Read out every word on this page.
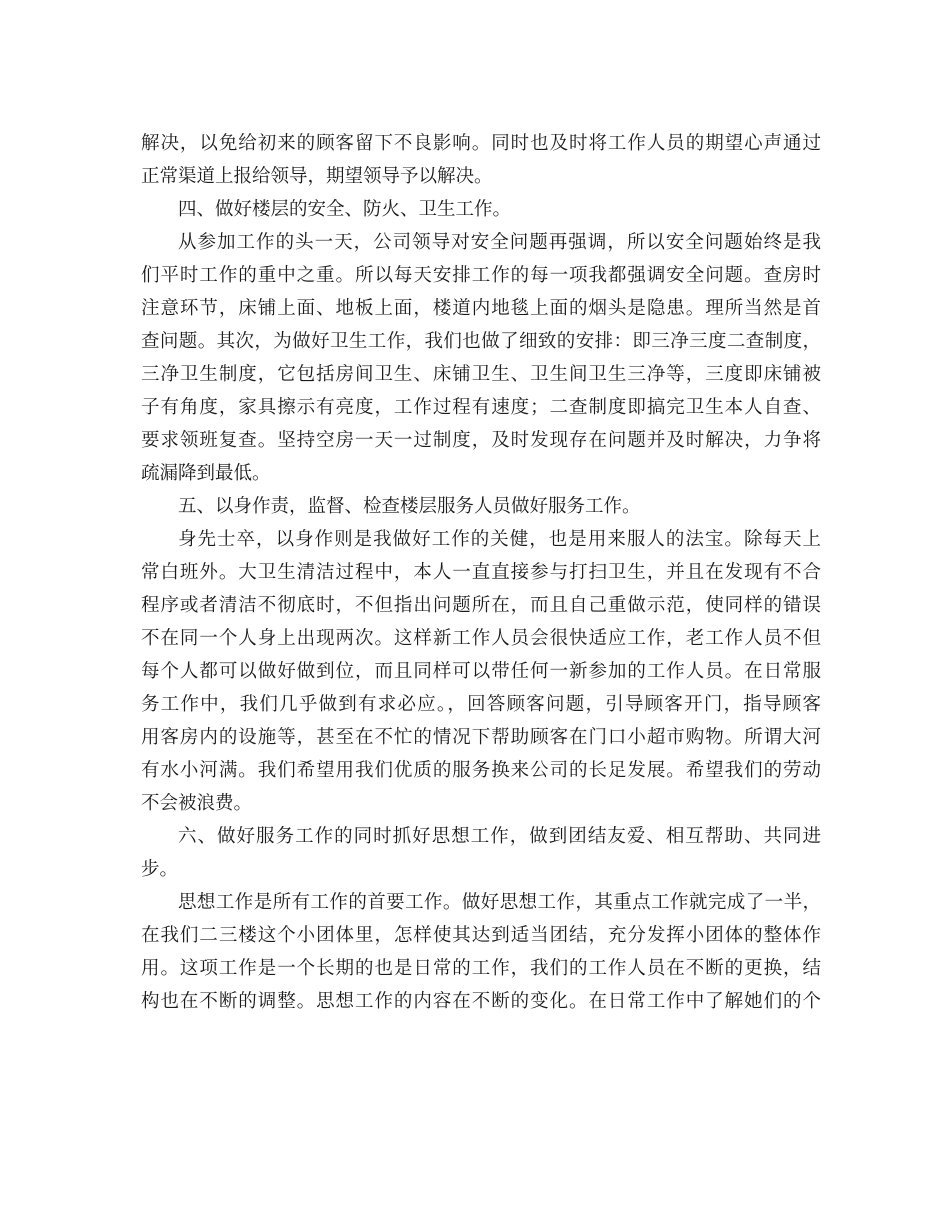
解决，以免给初来的顾客留下不良影响。同时也及时将工作人员的期望心声通过
正常渠道上报给领导，期望领导予以解决。
四、做好楼层的安全、防火、卫生工作。
从参加工作的头一天，公司领导对安全问题再强调，所以安全问题始终是我
们平时工作的重中之重。所以每天安排工作的每一项我都强调安全问题。查房时
注意环节，床铺上面、地板上面，楼道内地毯上面的烟头是隐患。理所当然是首
查问题。其次，为做好卫生工作，我们也做了细致的安排：即三净三度二查制度，
三净卫生制度，它包括房间卫生、床铺卫生、卫生间卫生三净等，三度即床铺被
子有角度，家具擦示有亮度，工作过程有速度；二查制度即搞完卫生本人自查、
要求领班复查。坚持空房一天一过制度，及时发现存在问题并及时解决，力争将
疏漏降到最低。
五、以身作责，监督、检查楼层服务人员做好服务工作。
身先士卒，以身作则是我做好工作的关健，也是用来服人的法宝。除每天上
常白班外。大卫生清洁过程中，本人一直直接参与打扫卫生，并且在发现有不合
程序或者清洁不彻底时，不但指出问题所在，而且自己重做示范，使同样的错误
不在同一个人身上出现两次。这样新工作人员会很快适应工作，老工作人员不但
每个人都可以做好做到位，而且同样可以带任何一新参加的工作人员。在日常服
务工作中，我们几乎做到有求必应。，回答顾客问题，引导顾客开门，指导顾客
用客房内的设施等，甚至在不忙的情况下帮助顾客在门口小超市购物。所谓大河
有水小河满。我们希望用我们优质的服务换来公司的长足发展。希望我们的劳动
不会被浪费。
六、做好服务工作的同时抓好思想工作，做到团结友爱、相互帮助、共同进
步。
思想工作是所有工作的首要工作。做好思想工作，其重点工作就完成了一半，
在我们二三楼这个小团体里，怎样使其达到适当团结，充分发挥小团体的整体作
用。这项工作是一个长期的也是日常的工作，我们的工作人员在不断的更换，结
构也在不断的调整。思想工作的内容在不断的变化。在日常工作中了解她们的个
